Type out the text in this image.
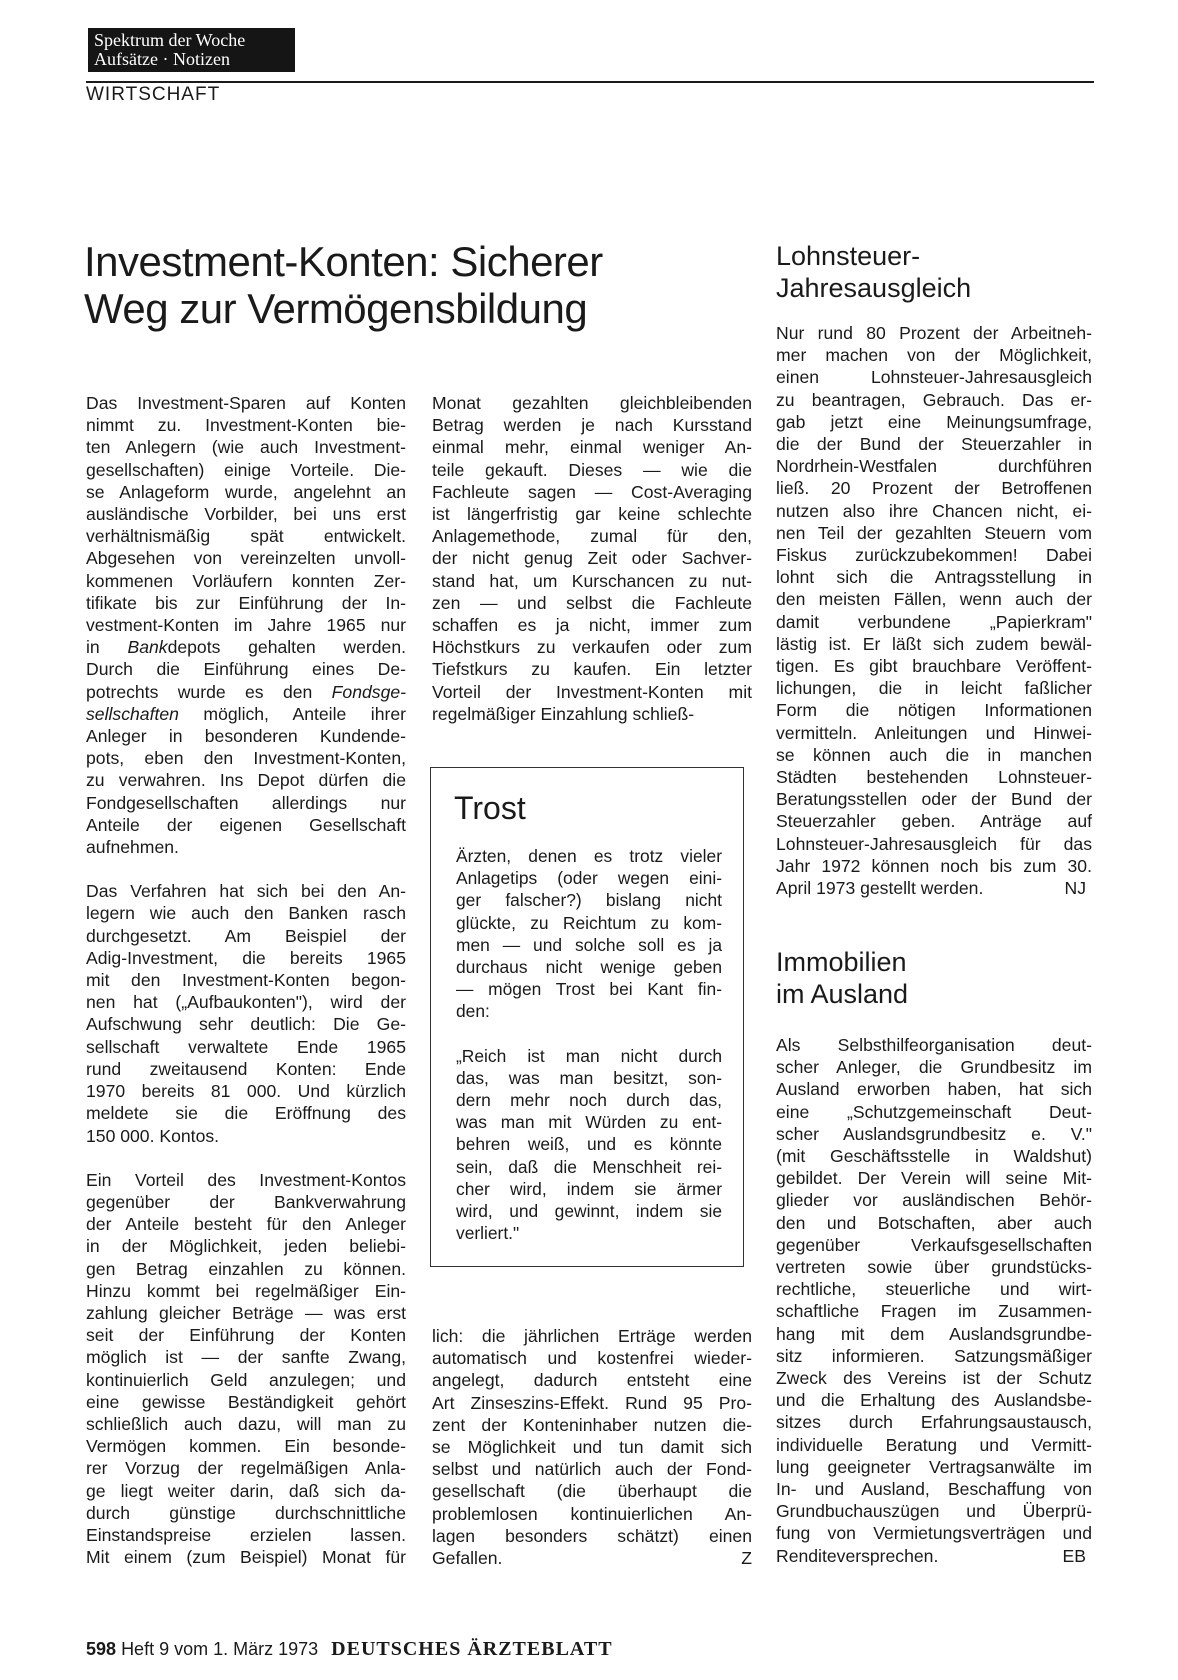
Spektrum der Woche
Aufsätze · Notizen
WIRTSCHAFT
Investment-Konten: Sicherer
Weg zur Vermögensbildung
Das Investment-Sparen auf Konten
nimmt zu. Investment-Konten bie-
ten Anlegern (wie auch Investment-
gesellschaften) einige Vorteile. Die-
se Anlageform wurde, angelehnt an
ausländische Vorbilder, bei uns erst
verhältnismäßig spät entwickelt.
Abgesehen von vereinzelten unvoll-
kommenen Vorläufern konnten Zer-
tifikate bis zur Einführung der In-
vestment-Konten im Jahre 1965 nur
in Bankdepots gehalten werden.
Durch die Einführung eines De-
potrechts wurde es den Fondsge-
sellschaften möglich, Anteile ihrer
Anleger in besonderen Kundende-
pots, eben den Investment-Konten,
zu verwahren. Ins Depot dürfen die
Fondgesellschaften allerdings nur
Anteile der eigenen Gesellschaft
aufnehmen.
Das Verfahren hat sich bei den An-
legern wie auch den Banken rasch
durchgesetzt. Am Beispiel der
Adig-Investment, die bereits 1965
mit den Investment-Konten begon-
nen hat („Aufbaukonten"), wird der
Aufschwung sehr deutlich: Die Ge-
sellschaft verwaltete Ende 1965
rund zweitausend Konten: Ende
1970 bereits 81 000. Und kürzlich
meldete sie die Eröffnung des
150 000. Kontos.
Ein Vorteil des Investment-Kontos
gegenüber der Bankverwahrung
der Anteile besteht für den Anleger
in der Möglichkeit, jeden beliebi-
gen Betrag einzahlen zu können.
Hinzu kommt bei regelmäßiger Ein-
zahlung gleicher Beträge — was erst
seit der Einführung der Konten
möglich ist — der sanfte Zwang,
kontinuierlich Geld anzulegen; und
eine gewisse Beständigkeit gehört
schließlich auch dazu, will man zu
Vermögen kommen. Ein besonde-
rer Vorzug der regelmäßigen Anla-
ge liegt weiter darin, daß sich da-
durch günstige durchschnittliche
Einstandspreise erzielen lassen.
Mit einem (zum Beispiel) Monat für
Monat gezahlten gleichbleibenden
Betrag werden je nach Kursstand
einmal mehr, einmal weniger An-
teile gekauft. Dieses — wie die
Fachleute sagen — Cost-Averaging
ist längerfristig gar keine schlechte
Anlagemethode, zumal für den,
der nicht genug Zeit oder Sachver-
stand hat, um Kurschancen zu nut-
zen — und selbst die Fachleute
schaffen es ja nicht, immer zum
Höchstkurs zu verkaufen oder zum
Tiefstkurs zu kaufen. Ein letzter
Vorteil der Investment-Konten mit
regelmäßiger Einzahlung schließ-
Trost
Ärzten, denen es trotz vieler
Anlagetips (oder wegen eini-
ger falscher?) bislang nicht
glückte, zu Reichtum zu kom-
men — und solche soll es ja
durchaus nicht wenige geben
— mögen Trost bei Kant fin-
den:
„Reich ist man nicht durch
das, was man besitzt, son-
dern mehr noch durch das,
was man mit Würden zu ent-
behren weiß, und es könnte
sein, daß die Menschheit rei-
cher wird, indem sie ärmer
wird, und gewinnt, indem sie
verliert."
lich: die jährlichen Erträge werden
automatisch und kostenfrei wieder-
angelegt, dadurch entsteht eine
Art Zinseszins-Effekt. Rund 95 Pro-
zent der Konteninhaber nutzen die-
se Möglichkeit und tun damit sich
selbst und natürlich auch der Fond-
gesellschaft (die überhaupt die
problemlosen kontinuierlichen An-
lagen besonders schätzt) einen
Gefallen.	Z
Lohnsteuer-
Jahresausgleich
Nur rund 80 Prozent der Arbeitneh-
mer machen von der Möglichkeit,
einen Lohnsteuer-Jahresausgleich
zu beantragen, Gebrauch. Das er-
gab jetzt eine Meinungsumfrage,
die der Bund der Steuerzahler in
Nordrhein-Westfalen durchführen
ließ. 20 Prozent der Betroffenen
nutzen also ihre Chancen nicht, ei-
nen Teil der gezahlten Steuern vom
Fiskus zurückzubekommen! Dabei
lohnt sich die Antragsstellung in
den meisten Fällen, wenn auch der
damit verbundene „Papierkram"
lästig ist. Er läßt sich zudem bewäl-
tigen. Es gibt brauchbare Veröffent-
lichungen, die in leicht faßlicher
Form die nötigen Informationen
vermitteln. Anleitungen und Hinwei-
se können auch die in manchen
Städten bestehenden Lohnsteuer-
Beratungsstellen oder der Bund der
Steuerzahler geben. Anträge auf
Lohnsteuer-Jahresausgleich für das
Jahr 1972 können noch bis zum 30.
April 1973 gestellt werden.	NJ
Immobilien
im Ausland
Als Selbsthilfeorganisation deut-
scher Anleger, die Grundbesitz im
Ausland erworben haben, hat sich
eine „Schutzgemeinschaft Deut-
scher Auslandsgrundbesitz e. V."
(mit Geschäftsstelle in Waldshut)
gebildet. Der Verein will seine Mit-
glieder vor ausländischen Behör-
den und Botschaften, aber auch
gegenüber Verkaufsgesellschaften
vertreten sowie über grundstücks-
rechtliche, steuerliche und wirt-
schaftliche Fragen im Zusammen-
hang mit dem Auslandsgrundbe-
sitz informieren. Satzungsmäßiger
Zweck des Vereins ist der Schutz
und die Erhaltung des Auslandsbe-
sitzes durch Erfahrungsaustausch,
individuelle Beratung und Vermitt-
lung geeigneter Vertragsanwälte im
In- und Ausland, Beschaffung von
Grundbuchauszügen und Überprü-
fung von Vermietungsverträgen und
Renditeversprechen.	EB
598 Heft 9 vom 1. März 1973 DEUTSCHES ÄRZTEBLATT
